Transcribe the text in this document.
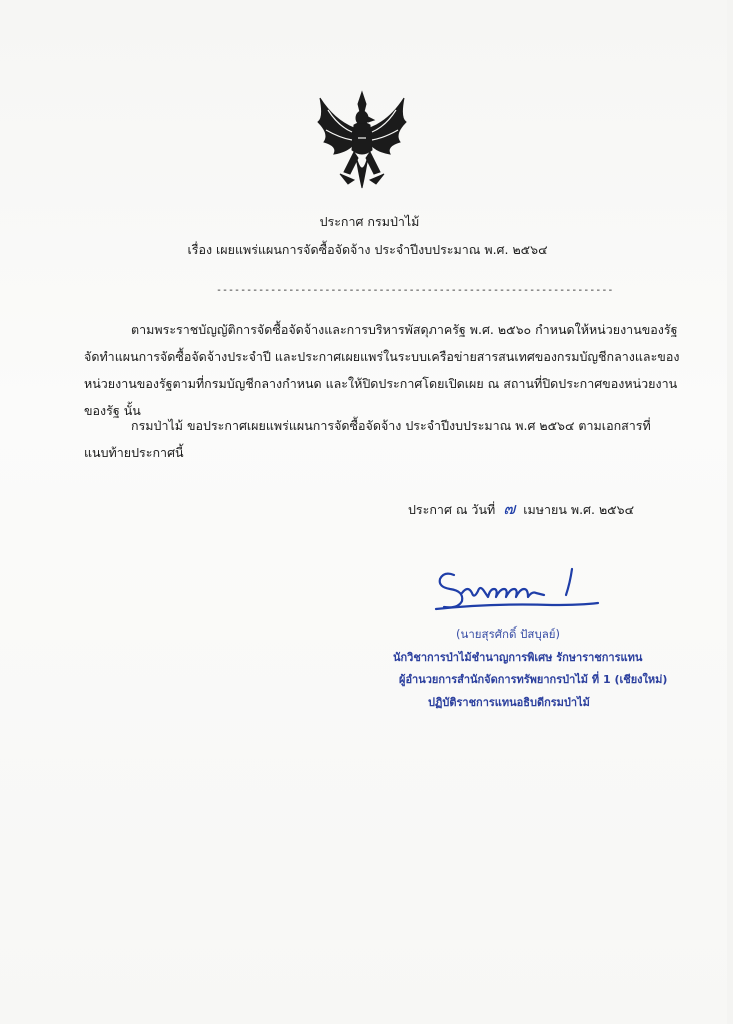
ประกาศ กรมป่าไม้
เรื่อง เผยแพร่แผนการจัดซื้อจัดจ้าง ประจำปีงบประมาณ พ.ศ. ๒๕๖๔
------------------------------------------------------------------
ตามพระราชบัญญัติการจัดซื้อจัดจ้างและการบริหารพัสดุภาครัฐ พ.ศ. ๒๕๖๐ กำหนดให้หน่วยงานของรัฐ
จัดทำแผนการจัดซื้อจัดจ้างประจำปี และประกาศเผยแพร่ในระบบเครือข่ายสารสนเทศของกรมบัญชีกลางและของ
หน่วยงานของรัฐตามที่กรมบัญชีกลางกำหนด และให้ปิดประกาศโดยเปิดเผย ณ สถานที่ปิดประกาศของหน่วยงาน
ของรัฐ นั้น
กรมป่าไม้ ขอประกาศเผยแพร่แผนการจัดซื้อจัดจ้าง ประจำปีงบประมาณ พ.ศ ๒๕๖๔ ตามเอกสารที่
แนบท้ายประกาศนี้
ประกาศ ณ วันที่ ๗ เมษายน พ.ศ. ๒๕๖๔
(นายสุรศักดิ์ ปัสบุลย์)
นักวิชาการป่าไม้ชำนาญการพิเศษ รักษาราชการแทน
ผู้อำนวยการสำนักจัดการทรัพยากรป่าไม้ ที่ 1 (เชียงใหม่)
ปฏิบัติราชการแทนอธิบดีกรมป่าไม้
